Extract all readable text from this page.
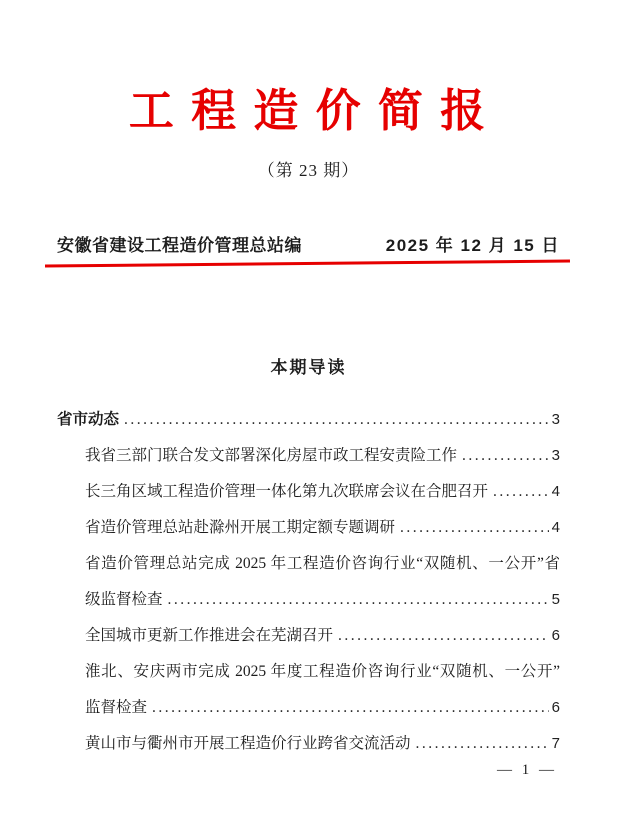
工 程 造 价 简 报
（第 23 期）
安徽省建设工程造价管理总站编	2025 年 12 月 15 日
本期导读
省市动态 .....	3
我省三部门联合发文部署深化房屋市政工程安责险工作 .....	3
长三角区域工程造价管理一体化第九次联席会议在合肥召开 .....	4
省造价管理总站赴滁州开展工期定额专题调研 .....	4
省造价管理总站完成 2025 年工程造价咨询行业“双随机、一公开”省
级监督检查 .....	5
全国城市更新工作推进会在芜湖召开 .....	6
淮北、安庆两市完成 2025 年度工程造价咨询行业“双随机、一公开”
监督检查 .....	6
黄山市与衢州市开展工程造价行业跨省交流活动 .....	7
— 1 —
